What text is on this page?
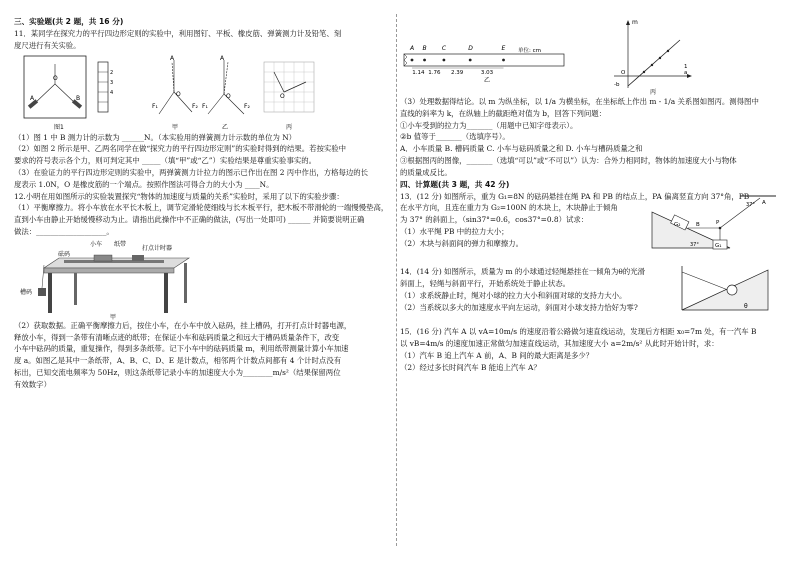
三、实验题(共 2 题，共 16 分)

11．某同学在探究力的平行四边形定则的实验中，利用图钉、平板、橡皮筋、弹簧测力计及铅笔、刻

度尺进行有关实验。

O
A	B
2
3
4
图1
A
O
F₁	F₂
甲
A
O
F₁	F₂
乙
O
丙

（1）图 1 中 B 测力计的示数为 ______N。（本实验用的弹簧测力计示数的单位为 N）

（2）如图 2 所示是甲、乙两名同学在做“探究力的平行四边形定则”的实验时得到的结果。若按实验中

要求的符号表示各个力，则可判定其中 _____（填“甲”或“乙”）实验结果是尊重实验事实的。

（3）在验证力的平行四边形定则的实验中，两弹簧测力计拉力的图示已作出在图 2 丙中作出，方格每边的长

度表示 1.0N，O 是橡皮筋的一个端点。按照作图法可得合力的大小为 ____N。

12.小明在用如图所示的实验装置探究“物体的加速度与质量的关系”实验时，采用了以下的实验步骤：

（1）平衡摩擦力。将小车放在水平长木板上，调节定滑轮使细线与长木板平行，把木板不带滑轮的一端慢慢垫高，

直到小车由静止开始缓慢移动为止。请指出此操作中不正确的做法，(写出一处即可) ______ 并简要说明正确

做法：___________________。

小车 纸带
打点计时器
砝码
槽码
甲

（2）获取数据。正确平衡摩擦力后，按住小车，在小车中放入砝码，挂上槽码，打开打点计时器电源，

释放小车，得到一条带有清晰点迹的纸带；在保证小车和砝码质量之和远大于槽码质量条件下，改变

小车中砝码的质量，重复操作，得到多条纸带。记下小车中的砝码质量 m，利用纸带测量计算小车加速

度 a。如图乙是其中一条纸带，A、B、C、D、E 是计数点，相邻两个计数点间都有 4 个计时点没有

标出，已知交流电频率为 50Hz，则这条纸带记录小车的加速度大小为________m/s²（结果保留两位

有效数字）

A B	C	D	E
1.14 1.76 2.39	3.03
单位: cm
乙
m
1
a
O
-b
丙

（3）处理数据得结论。以 m 为纵坐标，以 1/a 为横坐标，在坐标纸上作出 m - 1/a 关系图如图丙。测得图中

直线的斜率为 k，在纵轴上的截距绝对值为 b，回答下列问题：

①小车受到的拉力为_______（用题中已知字母表示）。

②b 值等于_______（选填序号）。

A．小车质量 B. 槽码质量 C. 小车与砝码质量之和 D. 小车与槽码质量之和

③根据图丙的图像，_______（选填“可以”或“不可以”）认为：合外力相同时，物体的加速度大小与物体

的质量成反比。

四、计算题(共 3 题，共 42 分)

13．(12 分) 如图所示，重为 G₁=8N 的砝码悬挂在绳 PA 和 PB 的结点上，PA 偏离竖直方向 37°角，PB

在水平方向，且连在重力为 G₂=100N 的木块上，木块静止于倾角

为 37° 的斜面上，（sin37°=0.6，cos37°=0.8）试求：

（1）水平绳 PB 中的拉力大小；

（2）木块与斜面间的弹力和摩擦力。

G₂	B	P
A
37°
G₁
37°

14．(14 分) 如图所示，质量为 m 的小球通过轻绳悬挂在一倾角为θ的光滑

斜面上，轻绳与斜面平行，开始系统处于静止状态。

（1）求系统静止时，绳对小球的拉力大小和斜面对球的支持力大小。

（2）当系统以多大的加速度水平向左运动，斜面对小球支持力恰好为零?	θ

15．(16 分) 汽车 A 以 vA=10m/s 的速度沿着公路做匀速直线运动，发现后方相距 x₀=7m 处，有一汽车 B

以 vB=4m/s 的速度加速正常做匀加速直线运动，其加速度大小 a=2m/s² 从此时开始计时，求：

（1）汽车 B 追上汽车 A 前，A、B 间的最大距离是多少？

（2）经过多长时间汽车 B 能追上汽车 A？
